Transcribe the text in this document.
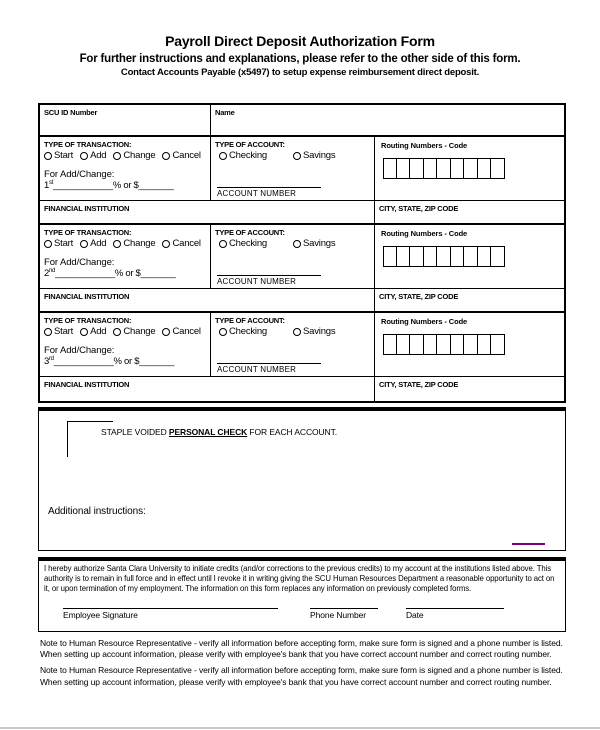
Payroll Direct Deposit Authorization Form
For further instructions and explanations, please refer to the other side of this form.
Contact Accounts Payable (x5497) to setup expense reimbursement direct deposit.
SCU ID Number	Name
TYPE OF TRANSACTION:
Start Add Change Cancel
For Add/Change:
1st____________% or $_______
TYPE OF ACCOUNT:
Checking	Savings
ACCOUNT NUMBER
Routing Numbers - Code
FINANCIAL INSTITUTION	CITY, STATE, ZIP CODE
TYPE OF TRANSACTION:
Start Add Change Cancel
For Add/Change:
2nd____________% or $_______
TYPE OF ACCOUNT:
Checking	Savings
ACCOUNT NUMBER
Routing Numbers - Code
FINANCIAL INSTITUTION	CITY, STATE, ZIP CODE
TYPE OF TRANSACTION:
Start Add Change Cancel
For Add/Change:
3rd____________% or $_______
TYPE OF ACCOUNT:
Checking	Savings
ACCOUNT NUMBER
Routing Numbers - Code
FINANCIAL INSTITUTION	CITY, STATE, ZIP CODE
STAPLE VOIDED PERSONAL CHECK FOR EACH ACCOUNT.
Additional instructions:
I hereby authorize Santa Clara University to initiate credits (and/or corrections to the previous credits) to my account at the institutions listed above. This authority is to remain in full force and in effect until I revoke it in writing giving the SCU Human Resources Department a reasonable opportunity to act on it, or upon termination of my employment. The information on this form replaces any information on previously completed forms.
Employee Signature	Phone Number	Date

Note to Human Resource Representative - verify all information before accepting form, make sure form is signed and a phone number is listed. When setting up account information, please verify with employee's bank that you have correct account number and correct routing number.

Note to Human Resource Representative - verify all information before accepting form, make sure form is signed and a phone number is listed. When setting up account information, please verify with employee's bank that you have correct account number and correct routing number.
